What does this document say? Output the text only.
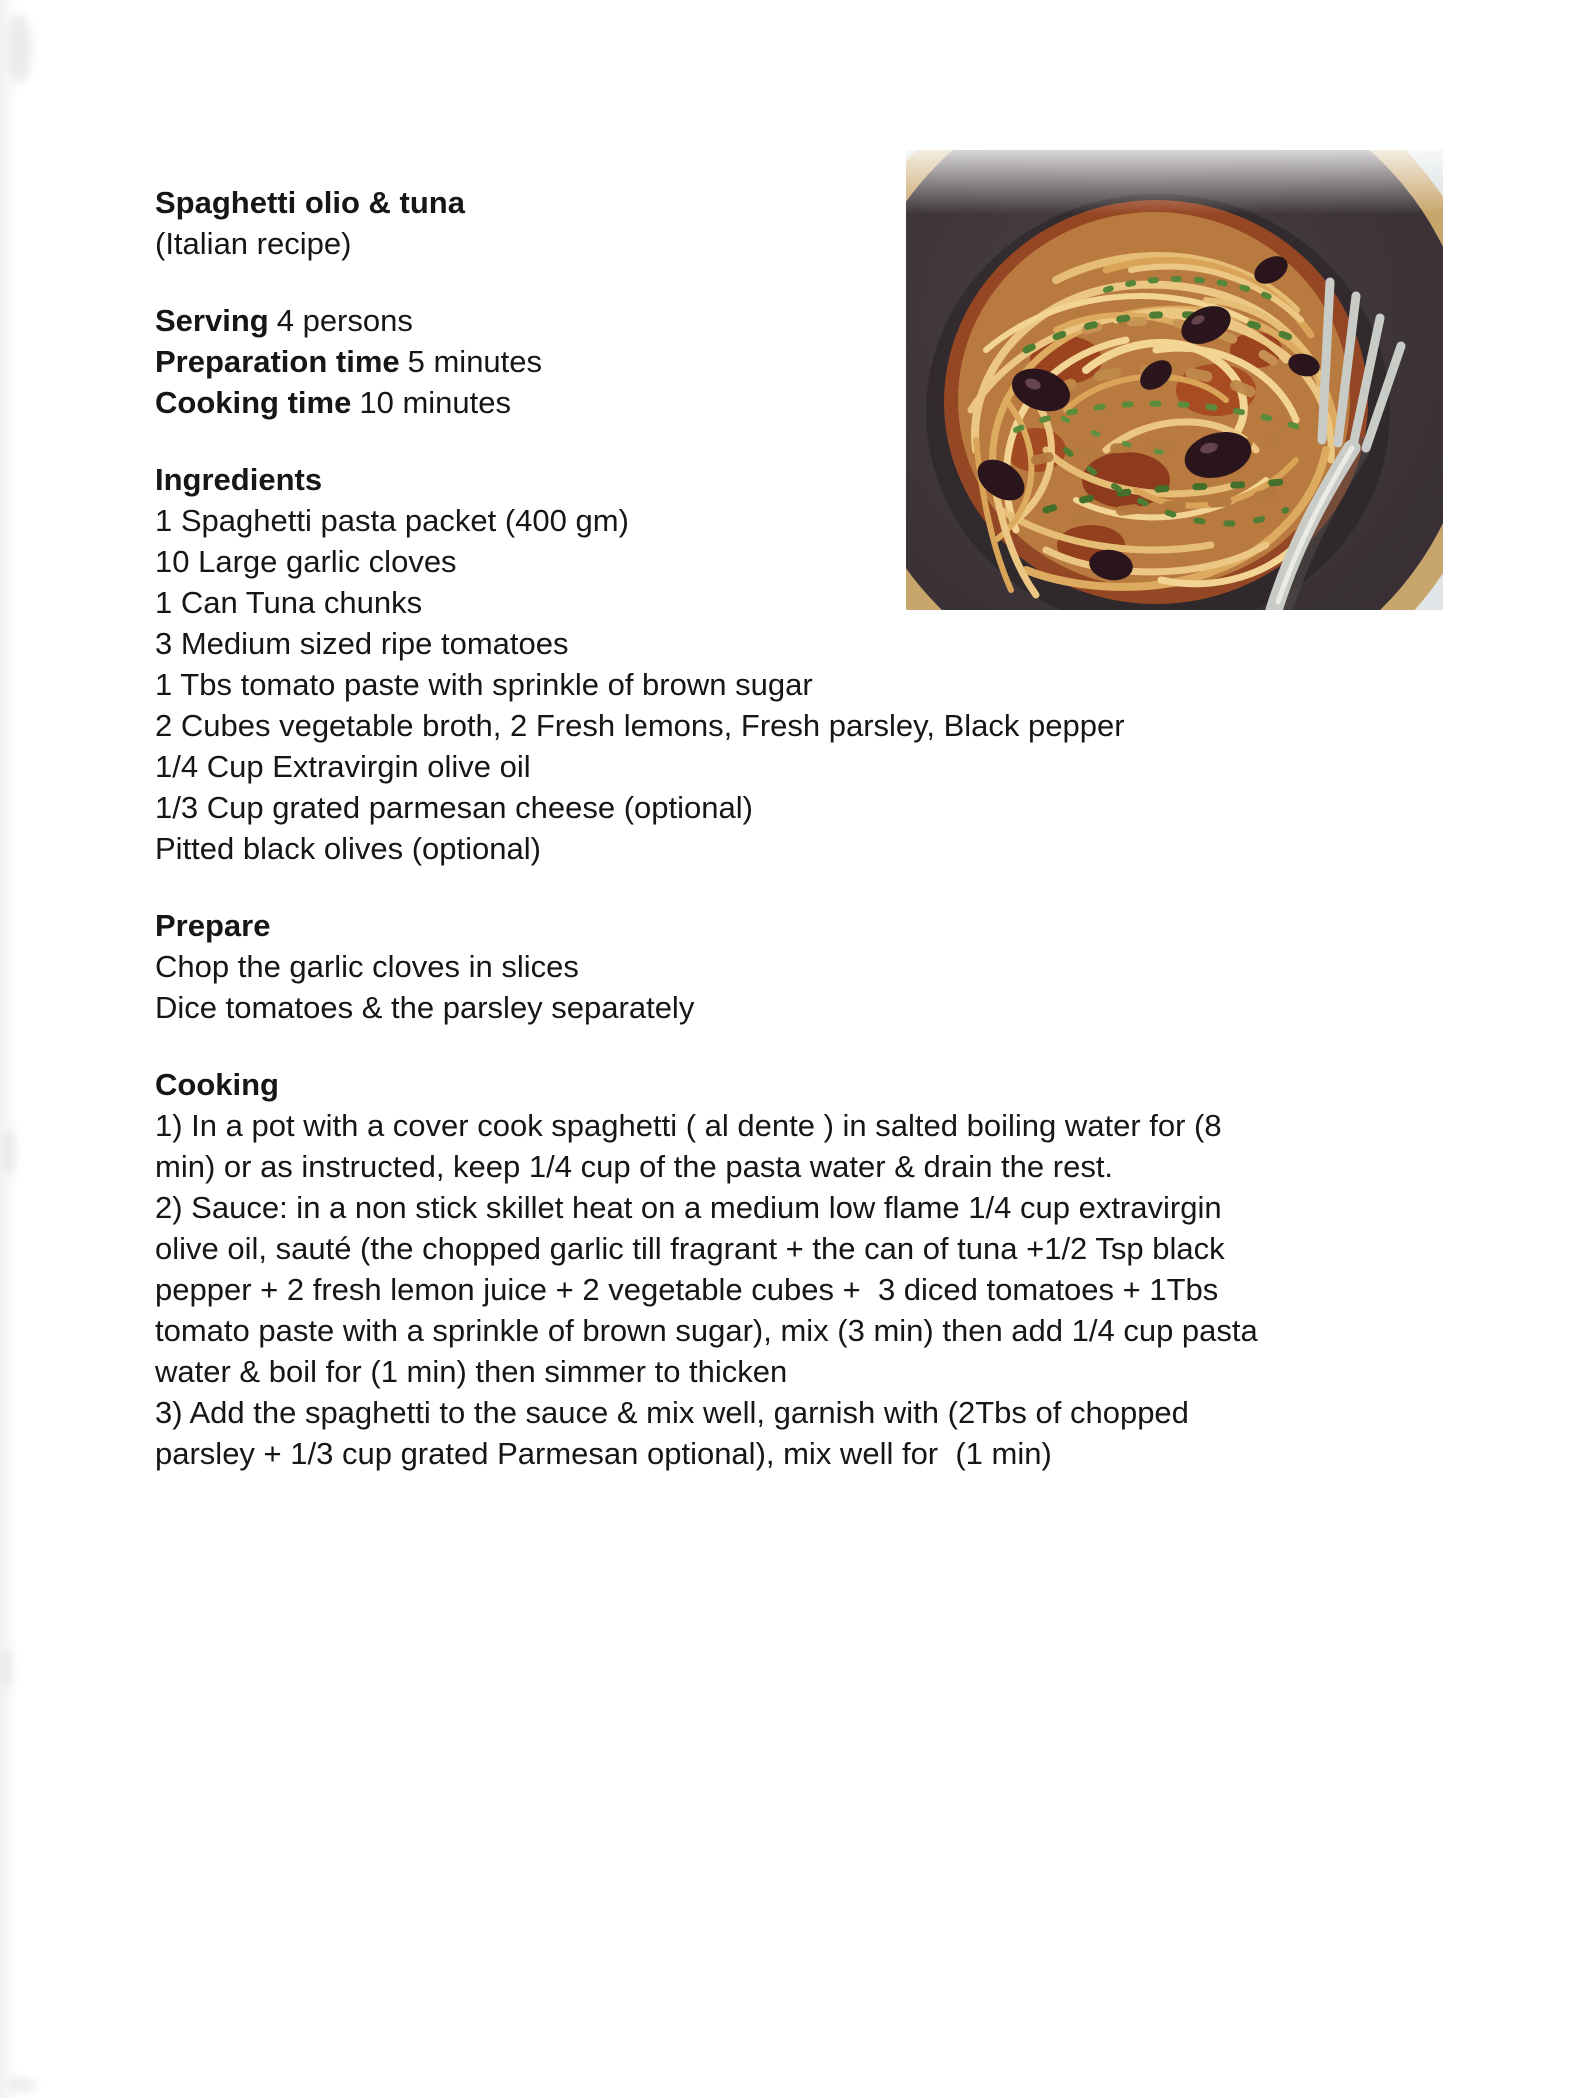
Spaghetti olio & tuna
(Italian recipe)
Serving 4 persons
Preparation time 5 minutes
Cooking time 10 minutes
Ingredients
1 Spaghetti pasta packet (400 gm)
10 Large garlic cloves
1 Can Tuna chunks
3 Medium sized ripe tomatoes
1 Tbs tomato paste with sprinkle of brown sugar
2 Cubes vegetable broth, 2 Fresh lemons, Fresh parsley, Black pepper
1/4 Cup Extravirgin olive oil
1/3 Cup grated parmesan cheese (optional)
Pitted black olives (optional)
Prepare
Chop the garlic cloves in slices
Dice tomatoes & the parsley separately
Cooking
1) In a pot with a cover cook spaghetti ( al dente ) in salted boiling water for (8
min) or as instructed, keep 1/4 cup of the pasta water & drain the rest.
2) Sauce: in a non stick skillet heat on a medium low flame 1/4 cup extravirgin
olive oil, sauté (the chopped garlic till fragrant + the can of tuna +1/2 Tsp black
pepper + 2 fresh lemon juice + 2 vegetable cubes +  3 diced tomatoes + 1Tbs
tomato paste with a sprinkle of brown sugar), mix (3 min) then add 1/4 cup pasta
water & boil for (1 min) then simmer to thicken
3) Add the spaghetti to the sauce & mix well, garnish with (2Tbs of chopped
parsley + 1/3 cup grated Parmesan optional), mix well for  (1 min)
